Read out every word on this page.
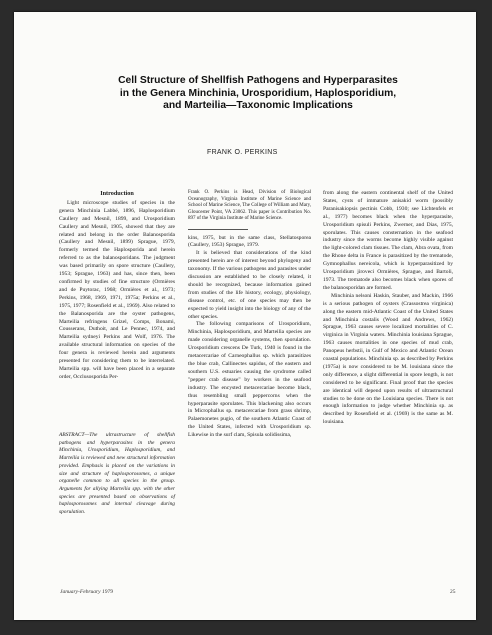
Cell Structure of Shellfish Pathogens and Hyperparasites
in the Genera Minchinia, Urosporidium, Haplosporidium,
and Marteilia—Taxonomic Implications
FRANK O. PERKINS
Introduction

Light microscope studies of species in the genera Minchinia Labbé, 1896, Haplosporidium Caullery and Mesnil, 1899, and Urosporidium Caullery and Mesnil, 1905, showed that they are related and belong in the order Balanosporida (Caullery and Mesnil, 1899) Sprague, 1979, formerly termed the Haplosporida and herein referred to as the balanosporidans. The judgment was based primarily on spore structure (Caullery, 1953; Sprague, 1963) and has, since then, been confirmed by studies of fine structure (Ormières and de Puytorac, 1968; Ormières et al., 1973; Perkins, 1968, 1969, 1971, 1975a; Perkins et al., 1975, 1977; Rosenfield et al., 1969). Also related to the Balanosporida are the oyster pathogens, Marteilia refringens Grizel, Comps, Bonami, Cousserans, Duthoit, and Le Pennec, 1974, and Marteilia sydneyi Perkins and Wolf, 1976. The available structural information on species of the four genera is reviewed herein and arguments presented for considering them to be interrelated. Marteilia spp. will have been placed in a separate order, Occlusosporida Per-

ABSTRACT—The ultrastructure of shellfish pathogens and hyperparasites in the genera Minchinia, Urosporidium, Haplosporidium, and Marteilia is reviewed and new structural information provided. Emphasis is placed on the variations in size and structure of haplosporosomes, a unique organelle common to all species in the group. Arguments for allying Marteilia spp. with the other species are presented based on observations of haplosporosomes and internal cleavage during sporulation.

Frank O. Perkins is Head, Division of Biological Oceanography, Virginia Institute of Marine Science and School of Marine Science, The College of William and Mary, Gloucester Point, VA 23062. This paper is Contribution No. 897 of the Virginia Institute of Marine Science.

kins, 1975, but in the same class, Stellatosporea (Caullery, 1953) Sprague, 1979.

It is believed that considerations of the kind presented herein are of interest beyond phylogeny and taxonomy. If the various pathogens and parasites under discussion are established to be closely related, it should be recognized, because information gained from studies of the life history, ecology, physiology, disease control, etc. of one species may then be expected to yield insight into the biology of any of the other species.

The following comparisons of Urosporidium, Minchinia, Haplosporidium, and Marteilia species are made considering organelle systems, then sporulation. Urosporidium crescens De Turk, 1940 is found in the metacercariae of Carneophallus sp. which parasitizes the blue crab, Callinectes sapidus, of the eastern and southern U.S. estuaries causing the syndrome called "pepper crab disease" by workers in the seafood industry. The encysted metacercariae become black, thus resembling small peppercorns when the hyperparasite sporulates. This blackening also occurs in Microphallus sp. metacercariae from grass shrimp, Palaemonetes pugio, of the southern Atlantic Coast of the United States, infected with Urosporidium sp. Likewise in the surf clam, Spisula solidissima,

from along the eastern continental shelf of the United States, cysts of immature anisakid worm (possibly Paranisakiopsis pectinis Cobb, 1930; see Lichtenfels et al., 1977) becomes black when the hyperparasite, Urosporidium spisuli Perkins, Zwerner, and Dias, 1975, sporulates. This causes consternation in the seafood industry since the worms become highly visible against the light-colored clam tissues. The clam, Abra ovata, from the Rhone delta in France is parasitized by the trematode, Gymnophallus nereicola, which is hyperparasitized by Urosporidium jiroveci Ormières, Sprague, and Bartoli, 1973. The trematode also becomes black when spores of the balanosporidan are formed.

Minchinia nelsoni Haskin, Stauber, and Mackin, 1966 is a serious pathogen of oysters (Crassostrea virginica) along the eastern mid-Atlantic Coast of the United States and Minchinia costalis (Wood and Andrews, 1962) Sprague, 1963 causes severe localized mortalities of C. virginica in Virginia waters. Minchinia louisiana Sprague, 1963 causes mortalities in one species of mud crab, Panopeus herbstii, in Gulf of Mexico and Atlantic Ocean coastal populations. Minchinia sp. as described by Perkins (1975a) is now considered to be M. louisiana since the only difference, a slight differential in spore length, is not considered to be significant. Final proof that the species are identical will depend upon results of ultrastructural studies to be done on the Louisiana species. There is not enough information to judge whether Minchinia sp. as described by Rosenfield et al. (1969) is the same as M. louisiana.

January-February 1979	25
